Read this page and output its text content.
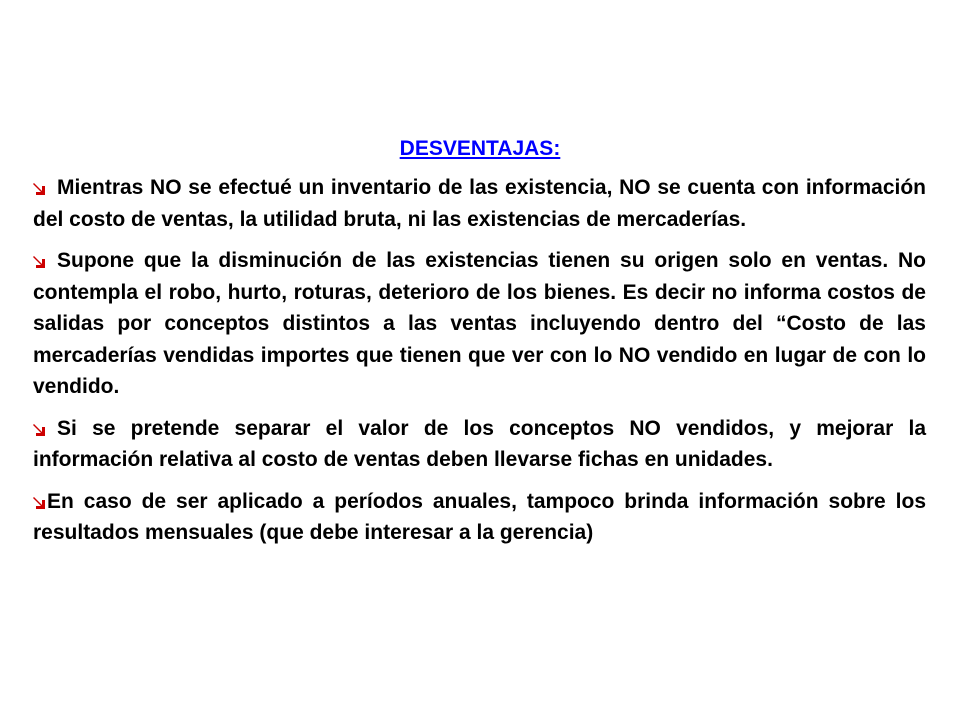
DESVENTAJAS:

Mientras NO se efectué un inventario de las existencia, NO se cuenta con información del costo de ventas, la utilidad bruta, ni las existencias de mercaderías.

Supone que la disminución de las existencias tienen su origen solo en ventas. No contempla el robo, hurto, roturas, deterioro de los bienes. Es decir no informa costos de salidas por conceptos distintos a las ventas incluyendo dentro del “Costo de las mercaderías vendidas importes que tienen que ver con lo NO vendido en lugar de con lo vendido.

Si se pretende separar el valor de los conceptos NO vendidos, y mejorar la información relativa al costo de ventas deben llevarse fichas en unidades.

En caso de ser aplicado a períodos anuales, tampoco brinda información sobre los resultados mensuales (que debe interesar a la gerencia)
